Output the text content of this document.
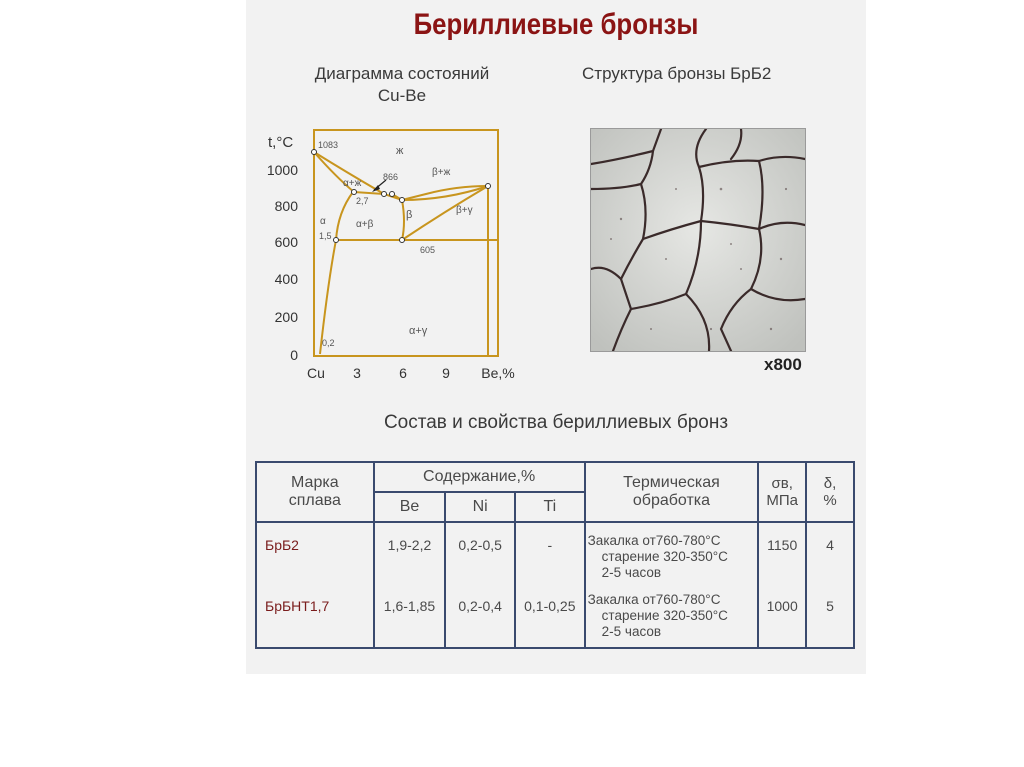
Бериллиевые бронзы
Диаграмма состояний
Cu-Be
Структура бронзы БрБ2
t,°C
1000
800
600
400
200
0
Cu 3	6	9 Be,%
1083	ж
α+ж
β+ж
866
2,7
α	α+β
β	β+γ
1,5
605
0,2
α+γ
x800
Состав и свойства бериллиевых бронз
Марка сплава	Содержание,%			Термическая обработка	σв, МПа	δ, %
	Be	Ni	Ti			
БрБ2	1,9-2,2	0,2-0,5	-	Закалка от760-780°C
старение 320-350°C
2-5 часов	1150	4
БрБНТ1,7	1,6-1,85	0,2-0,4	0,1-0,25	Закалка от760-780°C
старение 320-350°C
2-5 часов	1000	5
